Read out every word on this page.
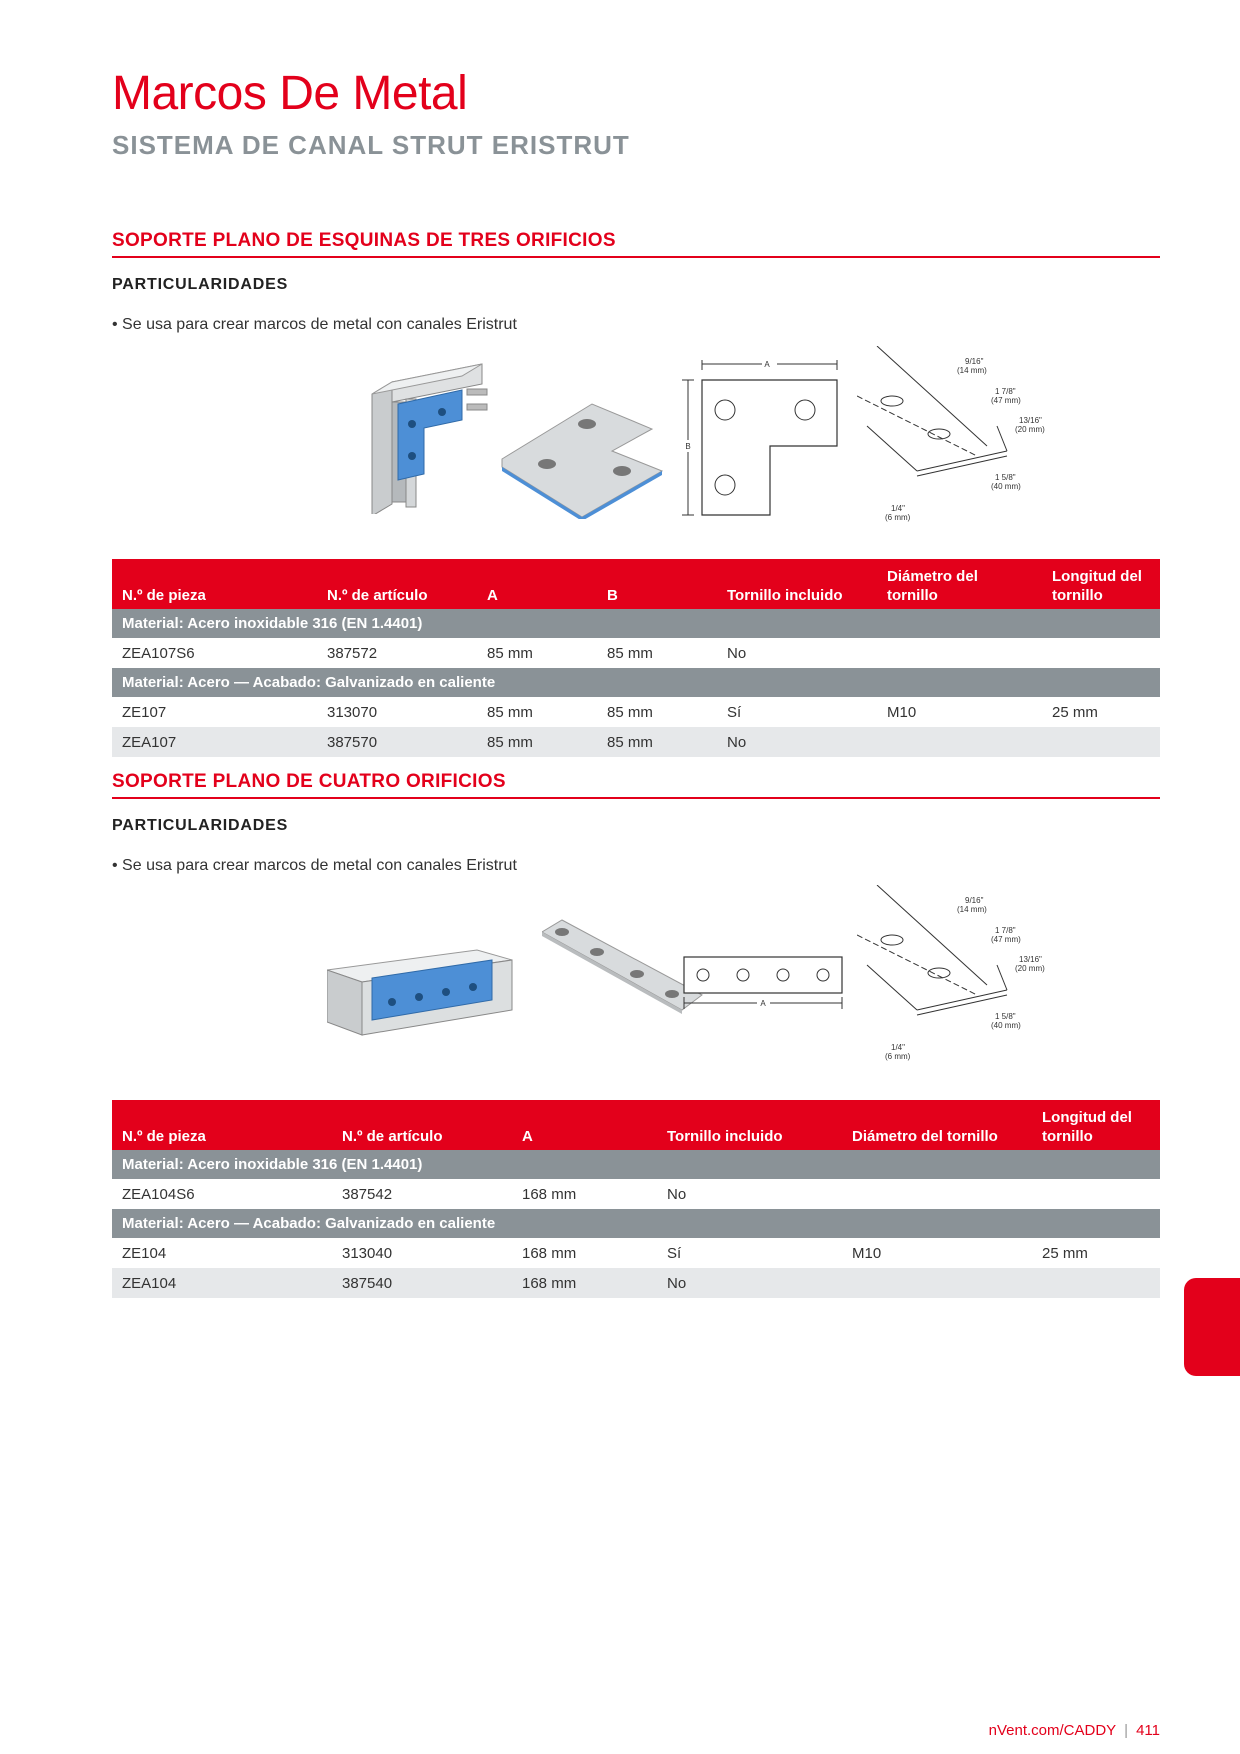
Marcos De Metal
SISTEMA DE CANAL STRUT ERISTRUT
SOPORTE PLANO DE ESQUINAS DE TRES ORIFICIOS
PARTICULARIDADES

• Se usa para crear marcos de metal con canales Eristrut

A
B
9/16"
(14 mm)
1 7/8"
(47 mm)
13/16"
(20 mm)
1 5/8"
(40 mm)
1/4"
(6 mm)
N.º de pieza	N.º de artículo	A	B	Tornillo incluido	Diámetro del tornillo	Longitud del tornillo
Material: Acero inoxidable 316 (EN 1.4401)						
ZEA107S6	387572	85 mm	85 mm	No		
Material: Acero — Acabado: Galvanizado en caliente						
ZE107	313070	85 mm	85 mm	Sí	M10	25 mm
ZEA107	387570	85 mm	85 mm	No		
SOPORTE PLANO DE CUATRO ORIFICIOS
PARTICULARIDADES

• Se usa para crear marcos de metal con canales Eristrut

A
9/16"
(14 mm)
1 7/8"
(47 mm)
13/16"
(20 mm)
1 5/8"
(40 mm)
1/4"
(6 mm)
N.º de pieza	N.º de artículo	A	Tornillo incluido	Diámetro del tornillo	Longitud del tornillo
Material: Acero inoxidable 316 (EN 1.4401)					
ZEA104S6	387542	168 mm	No		
Material: Acero — Acabado: Galvanizado en caliente					
ZE104	313040	168 mm	Sí	M10	25 mm
ZEA104	387540	168 mm	No		
nVent.com/CADDY | 411
